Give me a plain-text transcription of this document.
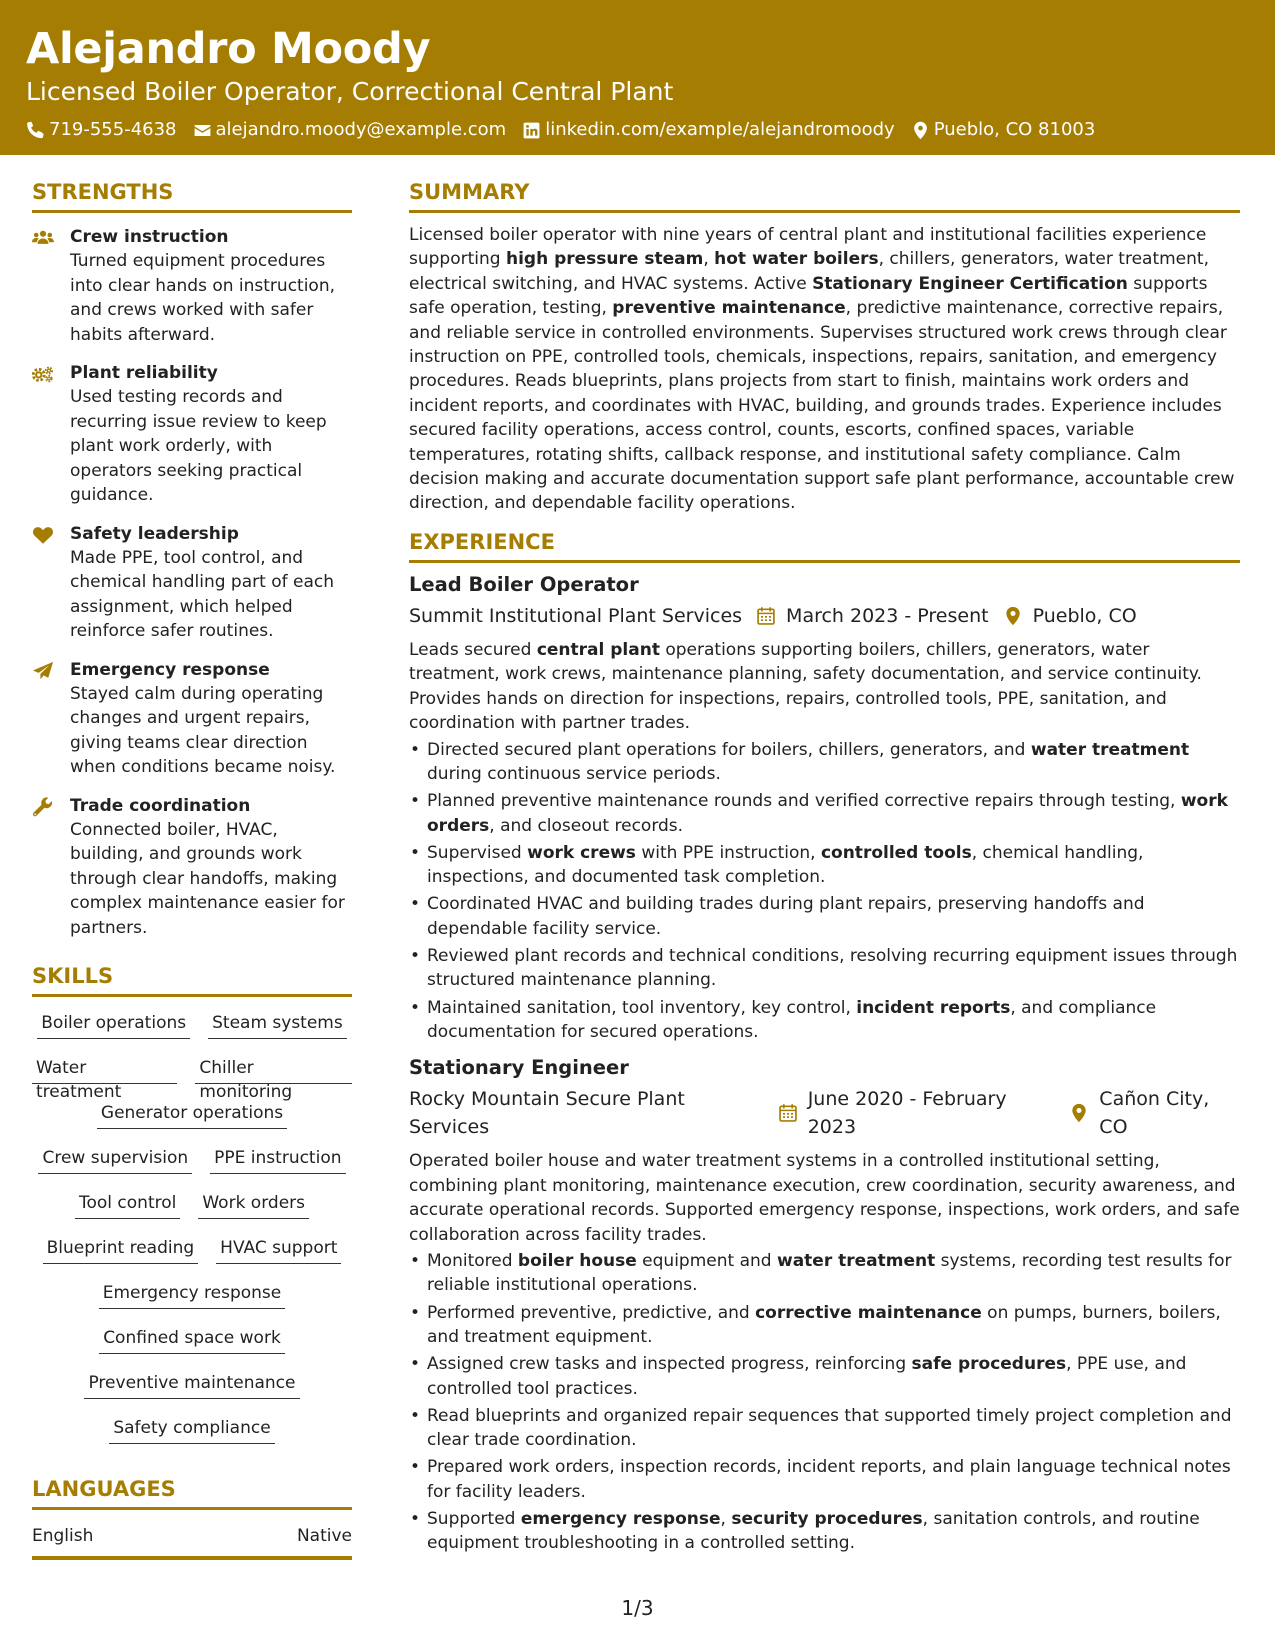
Alejandro Moody
Licensed Boiler Operator, Correctional Central Plant
719-555-4638 alejandro.moody@example.com linkedin.com/example/alejandromoody Pueblo, CO 81003
STRENGTHS
Crew instruction
Turned equipment procedures into clear hands on instruction, and crews worked with safer habits afterward.
Plant reliability
Used testing records and recurring issue review to keep plant work orderly, with operators seeking practical guidance.
Safety leadership
Made PPE, tool control, and chemical handling part of each assignment, which helped reinforce safer routines.
Emergency response
Stayed calm during operating changes and urgent repairs, giving teams clear direction when conditions became noisy.
Trade coordination
Connected boiler, HVAC, building, and grounds work through clear handoffs, making complex maintenance easier for partners.
SKILLS
Boiler operations Steam systems
Water treatment
Chiller monitoring
Generator operations
Crew supervision PPE instruction
Tool control Work orders
Blueprint reading HVAC support
Emergency response
Confined space work
Preventive maintenance
Safety compliance
LANGUAGES
English	Native
SUMMARY
Licensed boiler operator with nine years of central plant and institutional facilities experience supporting high pressure steam, hot water boilers, chillers, generators, water treatment, electrical switching, and HVAC systems. Active Stationary Engineer Certification supports safe operation, testing, preventive maintenance, predictive maintenance, corrective repairs, and reliable service in controlled environments. Supervises structured work crews through clear instruction on PPE, controlled tools, chemicals, inspections, repairs, sanitation, and emergency procedures. Reads blueprints, plans projects from start to finish, maintains work orders and incident reports, and coordinates with HVAC, building, and grounds trades. Experience includes secured facility operations, access control, counts, escorts, confined spaces, variable temperatures, rotating shifts, callback response, and institutional safety compliance. Calm decision making and accurate documentation support safe plant performance, accountable crew direction, and dependable facility operations.
EXPERIENCE
Lead Boiler Operator
Summit Institutional Plant Services March 2023 - Present Pueblo, CO
Leads secured central plant operations supporting boilers, chillers, generators, water treatment, work crews, maintenance planning, safety documentation, and service continuity. Provides hands on direction for inspections, repairs, controlled tools, PPE, sanitation, and coordination with partner trades.
• Directed secured plant operations for boilers, chillers, generators, and water treatment during continuous service periods.
• Planned preventive maintenance rounds and verified corrective repairs through testing, work orders, and closeout records.
• Supervised work crews with PPE instruction, controlled tools, chemical handling, inspections, and documented task completion.
• Coordinated HVAC and building trades during plant repairs, preserving handoffs and dependable facility service.
• Reviewed plant records and technical conditions, resolving recurring equipment issues through structured maintenance planning.
• Maintained sanitation, tool inventory, key control, incident reports, and compliance documentation for secured operations.
Stationary Engineer
Rocky Mountain Secure Plant Services
June 2020 - February 2023
Cañon City, CO
Operated boiler house and water treatment systems in a controlled institutional setting, combining plant monitoring, maintenance execution, crew coordination, security awareness, and accurate operational records. Supported emergency response, inspections, work orders, and safe collaboration across facility trades.
• Monitored boiler house equipment and water treatment systems, recording test results for reliable institutional operations.
• Performed preventive, predictive, and corrective maintenance on pumps, burners, boilers, and treatment equipment.
• Assigned crew tasks and inspected progress, reinforcing safe procedures, PPE use, and controlled tool practices.
• Read blueprints and organized repair sequences that supported timely project completion and clear trade coordination.
• Prepared work orders, inspection records, incident reports, and plain language technical notes for facility leaders.
• Supported emergency response, security procedures, sanitation controls, and routine equipment troubleshooting in a controlled setting.
1/3
